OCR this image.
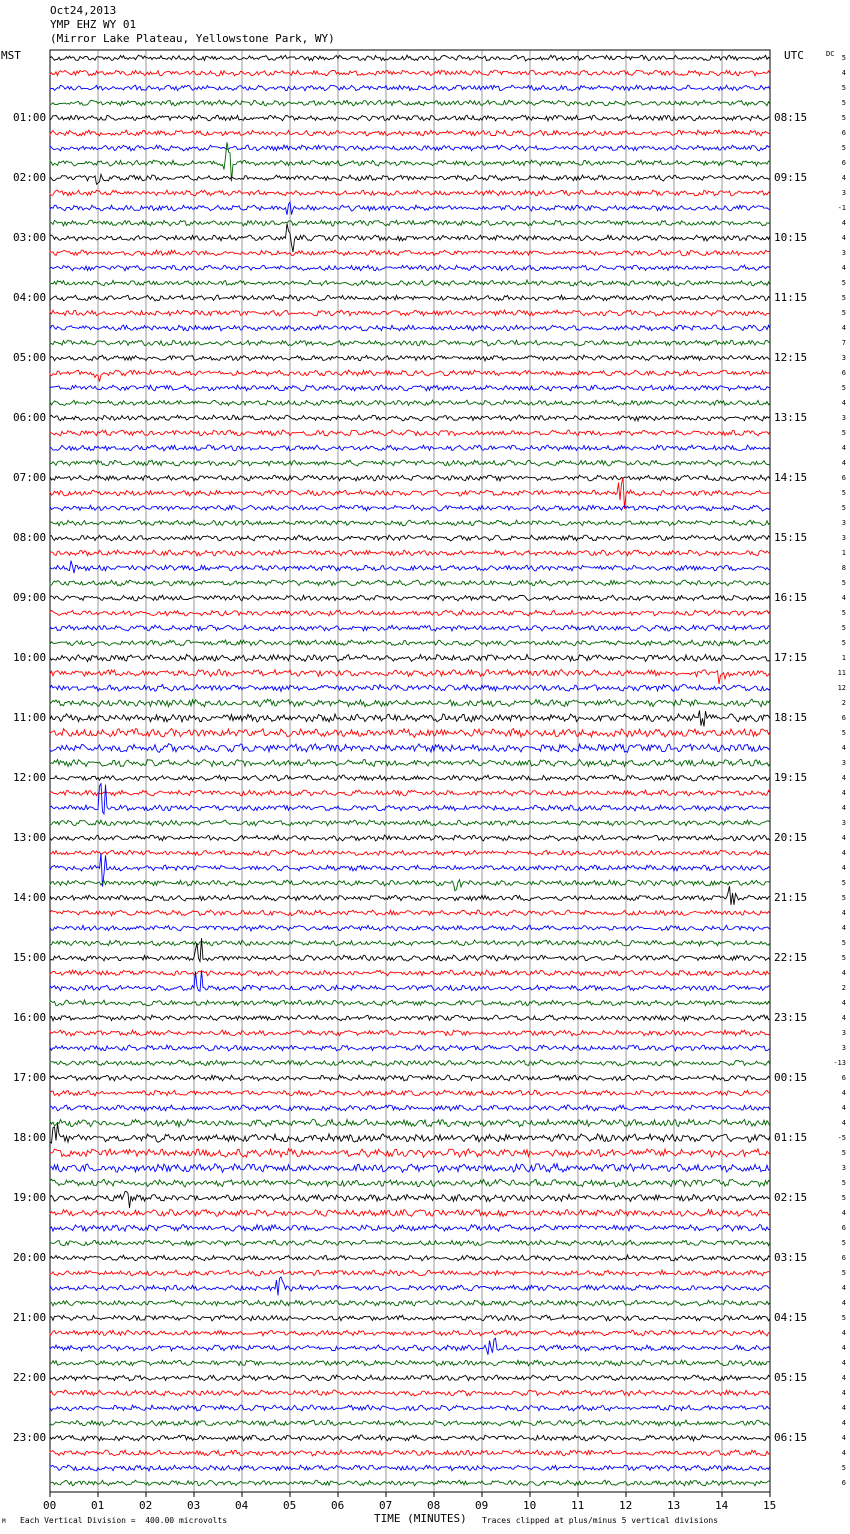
Oct24,2013
YMP EHZ WY 01
(Mirror Lake Plateau, Yellowstone Park, WY)
MST	UTC	DC
01:00
02:00
03:00
04:00
05:00
06:00
07:00
08:00
09:00
10:00
11:00
12:00
13:00
14:00
15:00
16:00
17:00
18:00
19:00
20:00
21:00
22:00
23:00
08:15
09:15
10:15
11:15
12:15
13:15
14:15
15:15
16:15
17:15
18:15
19:15
20:15
21:15
22:15
23:15
00:15
01:15
02:15
03:15
04:15
05:15
06:15
5
4
5
5
5
6
5
6
4
3
-1
4
4
3
4
5
5
5
4
7
3
6
5
4
3
5
4
4
6
5
5
3
3
1
8
5
4
5
5
5
1
11
12
2
6
5
4
3
4
4
4
3
4
4
4
5
5
4
4
5
5
4
2
4
4
3
3
-13
6
4
4
4
-5
5
3
5
5
4
6
5
6
5
4
4
5
4
4
4
4
4
4
4
4
4
5
6
00	01	02	03	04	05	06	07	08	09	10	11	12	13	14	15
TIME (MINUTES)
M Each Vertical Division =  400.00 microvolts	Traces clipped at plus/minus 5 vertical divisions
